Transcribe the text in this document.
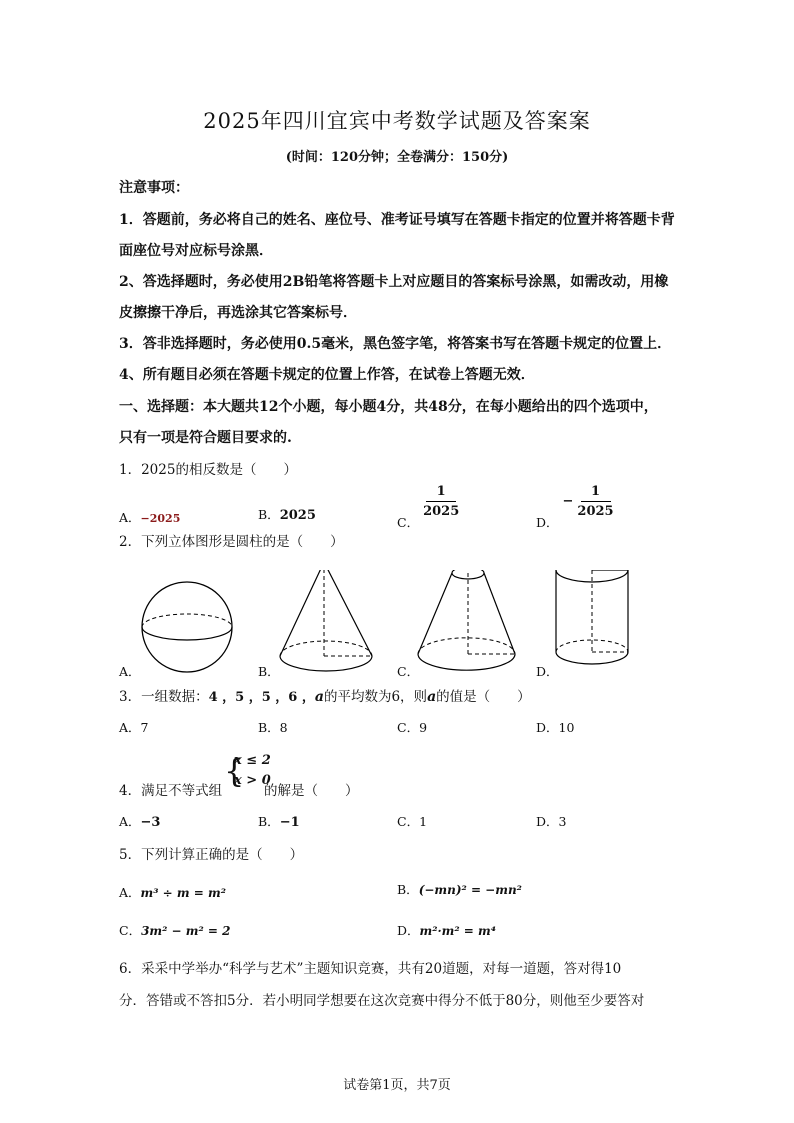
2025年四川宜宾中考数学试题及答案案
(时间：120分钟；全卷满分：150分)
注意事项：
1．答题前，务必将自己的姓名、座位号、准考证号填写在答题卡指定的位置并将答题卡背
面座位号对应标号涂黑．
2、答选择题时，务必使用2B铅笔将答题卡上对应题目的答案标号涂黑，如需改动，用橡
皮擦擦干净后，再选涂其它答案标号．
3．答非选择题时，务必使用0.5毫米，黑色签字笔，将答案书写在答题卡规定的位置上．
4、所有题目必须在答题卡规定的位置上作答，在试卷上答题无效．
一、选择题：本大题共12个小题，每小题4分，共48分，在每小题给出的四个选项中，
只有一项是符合题目要求的.
1．2025的相反数是（　　）
A．−2025	B．2025	C．
$\frac{1}{2025}$
D． − $\frac{1}{2025}$
2．下列立体图形是圆柱的是（　　）
A．	B．	C．	D．
3．一组数据：4 ，5 ，5 ，6 ，a的平均数为6，则a的值是（　　）
A．7	B．8	C．9	D．10
4．满足不等式组
{
x ≤ 2
x > 0
的解是（　　）
A．−3	B．−1	C．1	D．3
5．下列计算正确的是（　　）
A．m³ ÷ m = m²	B．(−mn)² = −mn²
C．3m² − m² = 2	D．m²·m² = m⁴
6．采采中学举办“科学与艺术”主题知识竞赛，共有20道题，对每一道题，答对得10
分．答错或不答扣5分．若小明同学想要在这次竞赛中得分不低于80分，则他至少要答对
试卷第1页，共7页
